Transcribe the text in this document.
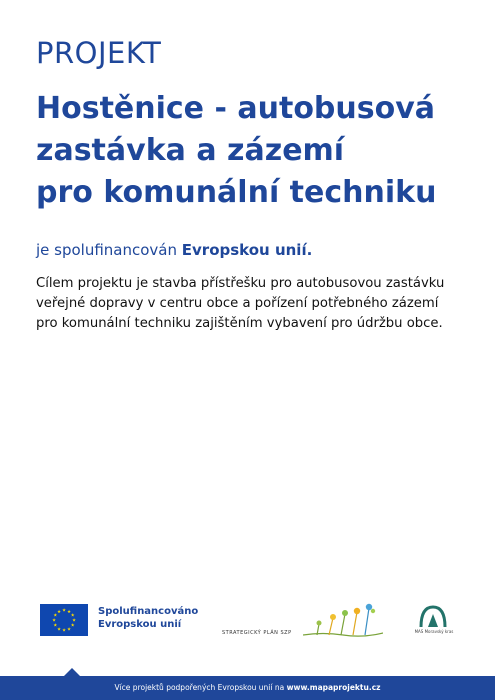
PROJEKT
Hostěnice - autobusová
zastávka a zázemí
pro komunální techniku
je spolufinancován Evropskou unií.
Cílem projektu je stavba přístřešku pro autobusovou zastávku
veřejné dopravy v centru obce a pořízení potřebného zázemí
pro komunální techniku zajištěním vybavení pro údržbu obce.
★ ★
★
★
★
★
★
★
★
★
★
★	Spolufinancováno
Evropskou unií
STRATEGICKÝ PLÁN SZP	MAS Moravský kras
Více projektů podpořených Evropskou unií na www.mapaprojektu.cz
